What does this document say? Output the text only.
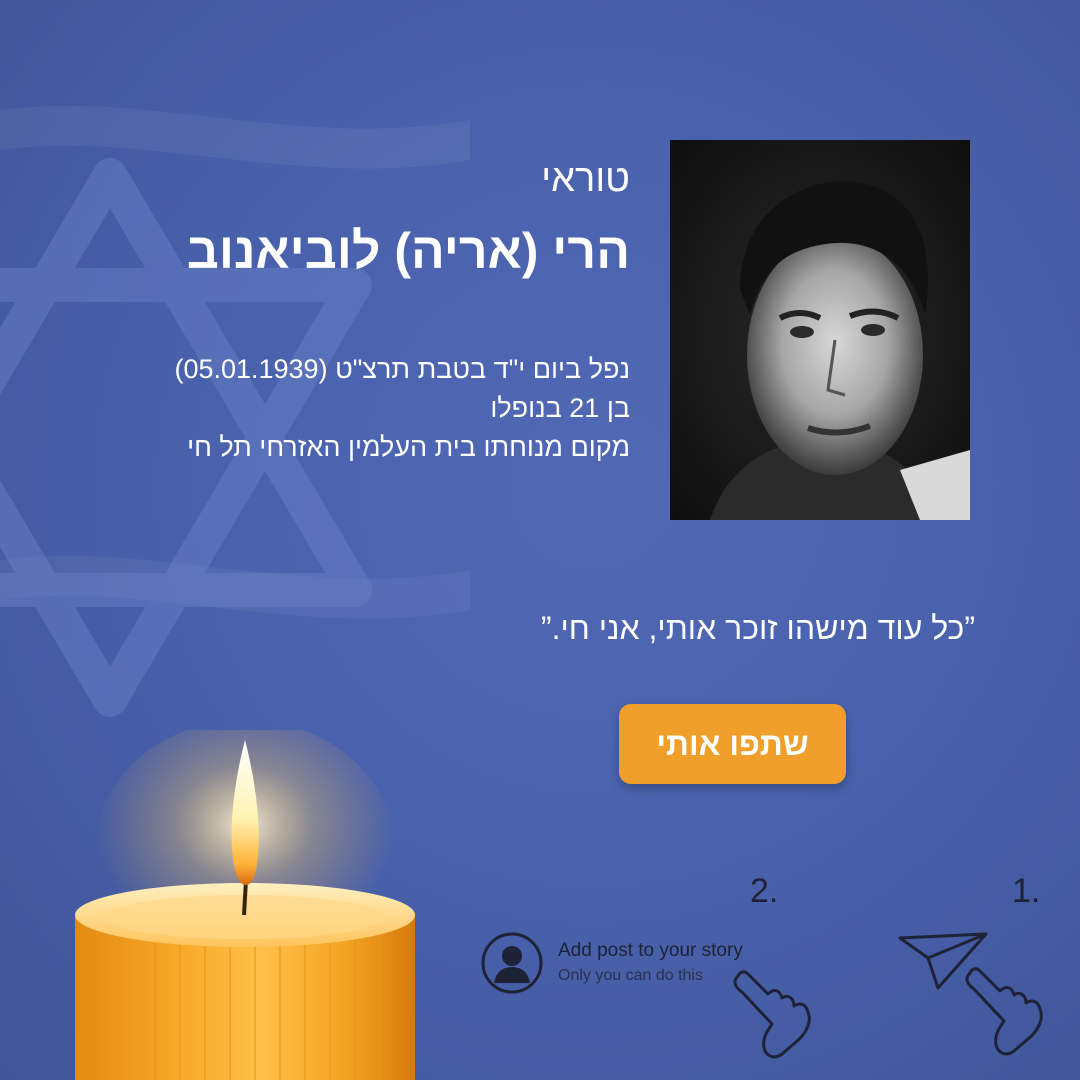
טוראי
הרי (אריה) לוביאנוב
נפל ביום י"ד בטבת תרצ"ט (05.01.1939)
בן 21 בנופלו
מקום מנוחתו בית העלמין האזרחי תל חי
”כל עוד מישהו זוכר אותי, אני חי.”
שתפו אותי
1.
2.
Add post to your story
Only you can do this
